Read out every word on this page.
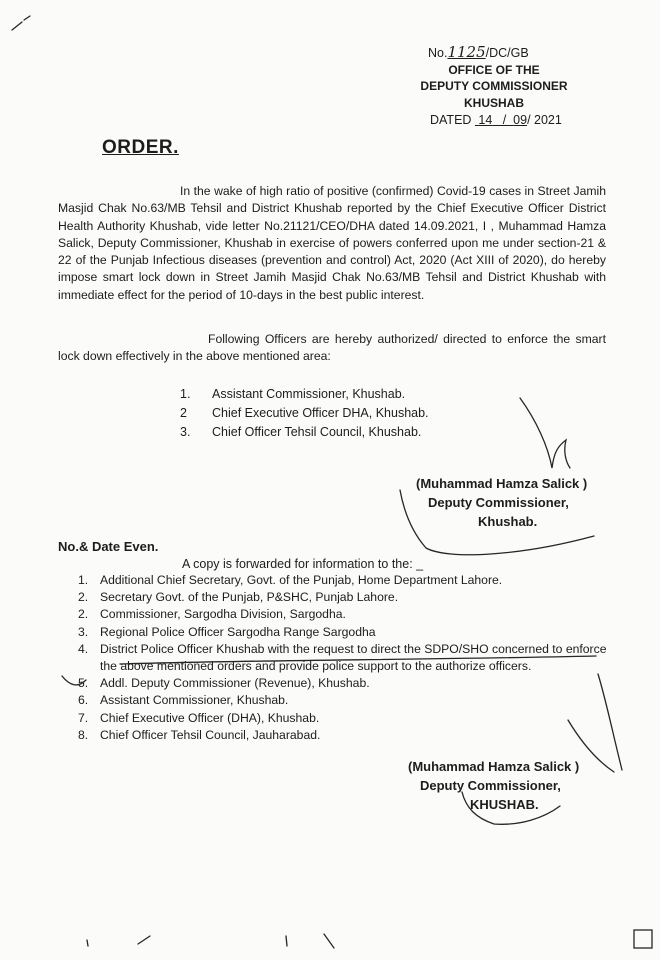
No.1125/DC/GB
OFFICE OF THE
DEPUTY COMMISSIONER
KHUSHAB
DATED 14   /  09/ 2021
ORDER.
In the wake of high ratio of positive (confirmed) Covid-19 cases in Street Jamih Masjid Chak No.63/MB Tehsil and District Khushab reported by the Chief Executive Officer District Health Authority Khushab, vide letter No.21121/CEO/DHA dated 14.09.2021, I , Muhammad Hamza Salick, Deputy Commissioner, Khushab in exercise of powers conferred upon me under section-21 & 22 of the Punjab Infectious diseases (prevention and control) Act, 2020 (Act XIII of 2020), do hereby impose smart lock down in Street Jamih Masjid Chak No.63/MB Tehsil and District Khushab with immediate effect for the period of 10-days in the best public interest.
Following Officers are hereby authorized/ directed to enforce the smart lock down effectively in the above mentioned area:
1. Assistant Commissioner, Khushab.
2 Chief Executive Officer DHA, Khushab.
3. Chief Officer Tehsil Council, Khushab.
(Muhammad Hamza Salick )
Deputy Commissioner,
Khushab.
No.& Date Even.
A copy is forwarded for information to the: _
1. Additional Chief Secretary, Govt. of the Punjab, Home Department Lahore.
2. Secretary Govt. of the Punjab, P&SHC, Punjab Lahore.
2. Commissioner, Sargodha Division, Sargodha.
3. Regional Police Officer Sargodha Range Sargodha
4. District Police Officer Khushab with the request to direct the SDPO/SHO concerned to enforce the above mentioned orders and provide police support to the authorize officers.
5. Addl. Deputy Commissioner (Revenue), Khushab.
6. Assistant Commissioner, Khushab.
7. Chief Executive Officer (DHA), Khushab.
8. Chief Officer Tehsil Council, Jauharabad.
(Muhammad Hamza Salick )
Deputy Commissioner,
KHUSHAB.
